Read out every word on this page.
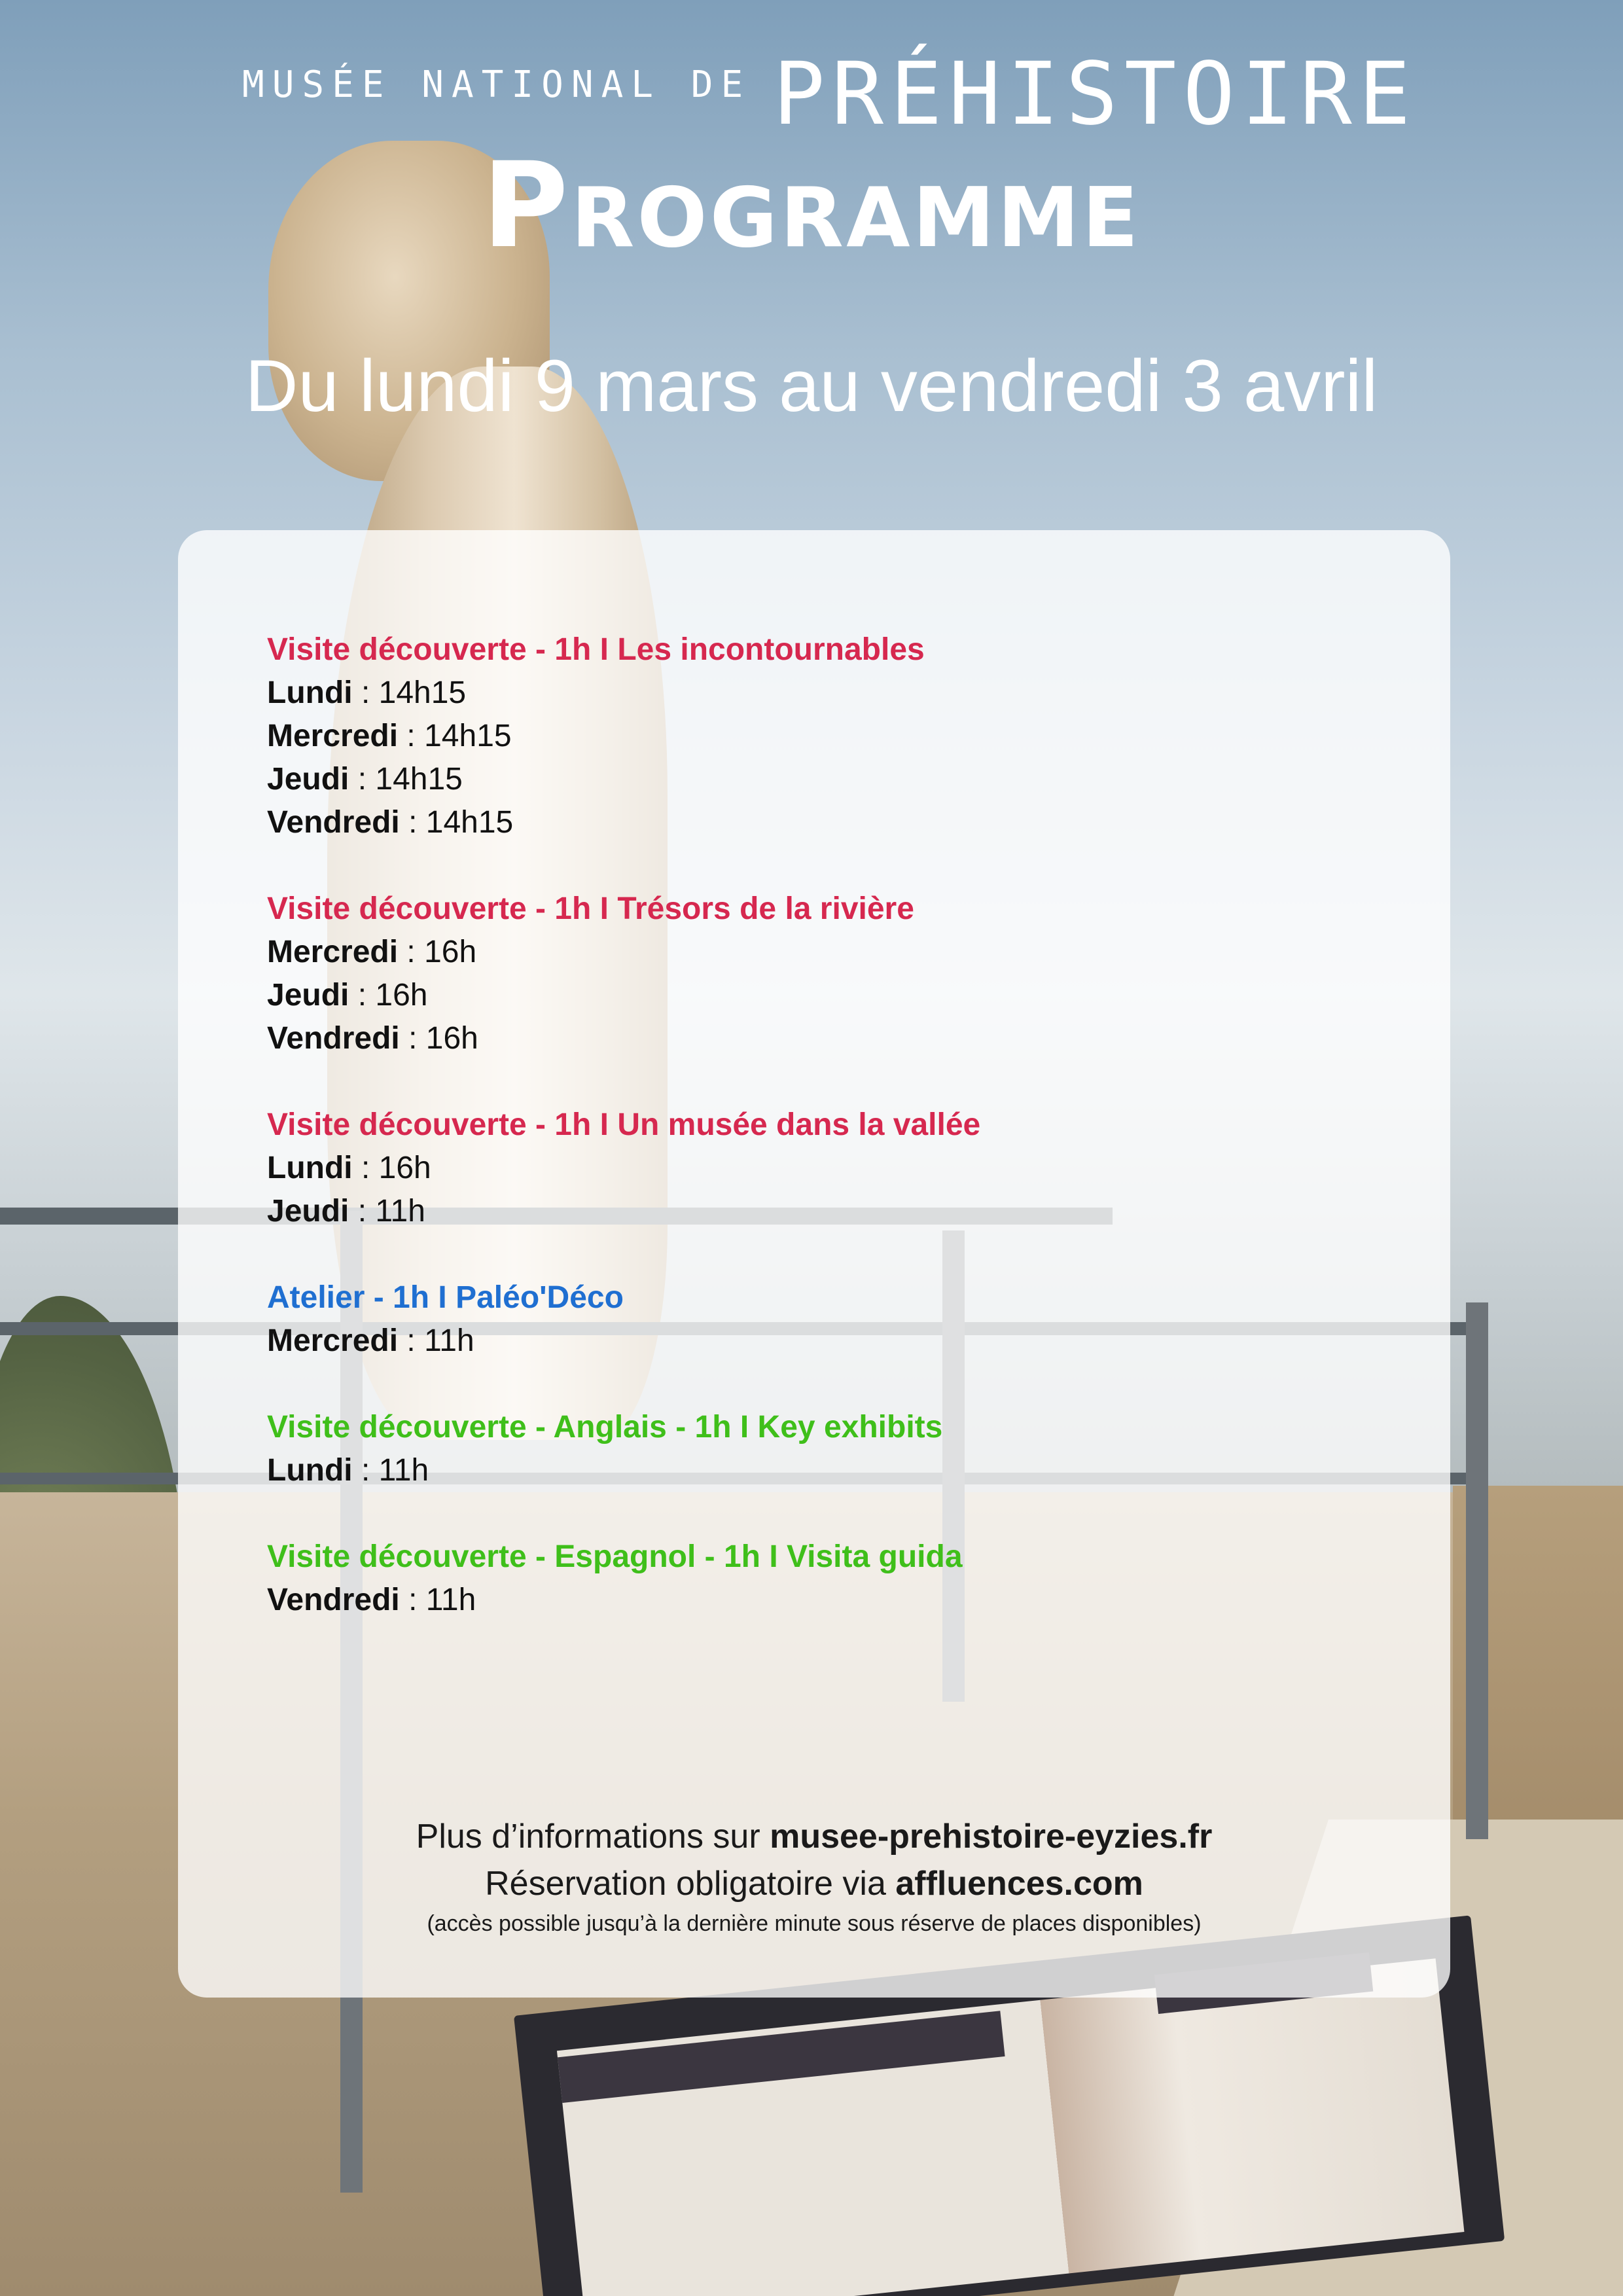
MUSÉE NATIONAL DE PRÉHISTOIRE
Programme
Du lundi 9 mars au vendredi 3 avril
Visite découverte - 1h I Les incontournables
Lundi : 14h15
Mercredi : 14h15
Jeudi : 14h15
Vendredi : 14h15
Visite découverte - 1h I Trésors de la rivière
Mercredi : 16h
Jeudi : 16h
Vendredi : 16h
Visite découverte - 1h I Un musée dans la vallée
Lundi : 16h
Jeudi : 11h
Atelier - 1h I Paléo'Déco
Mercredi : 11h
Visite découverte - Anglais - 1h I Key exhibits
Lundi : 11h
Visite découverte - Espagnol - 1h I Visita guida
Vendredi : 11h
Plus d’informations sur musee-prehistoire-eyzies.fr
Réservation obligatoire via affluences.com
(accès possible jusqu’à la dernière minute sous réserve de places disponibles)
